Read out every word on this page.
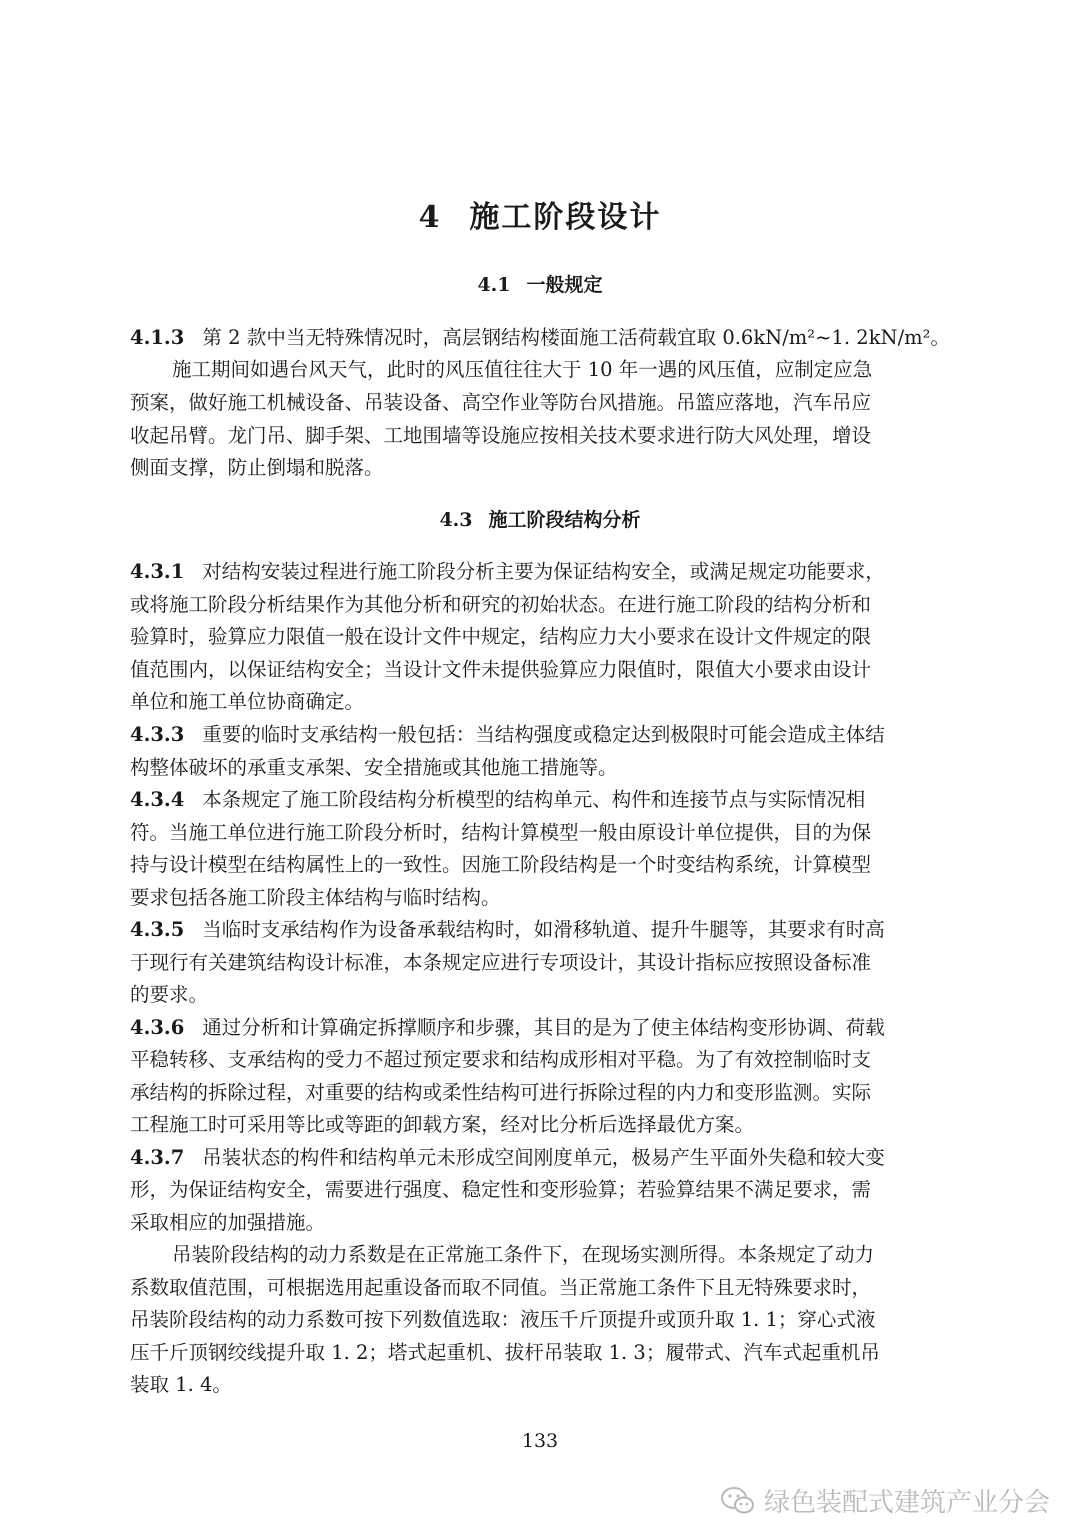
4 施工阶段设计
4.1 一般规定
4.1.3 第 2 款中当无特殊情况时，高层钢结构楼面施工活荷载宜取 0.6kN/m²~1. 2kN/m²。
施工期间如遇台风天气，此时的风压值往往大于 10 年一遇的风压值，应制定应急
预案，做好施工机械设备、吊装设备、高空作业等防台风措施。吊篮应落地，汽车吊应
收起吊臂。龙门吊、脚手架、工地围墙等设施应按相关技术要求进行防大风处理，增设
侧面支撑，防止倒塌和脱落。
4.3 施工阶段结构分析
4.3.1 对结构安装过程进行施工阶段分析主要为保证结构安全，或满足规定功能要求，
或将施工阶段分析结果作为其他分析和研究的初始状态。在进行施工阶段的结构分析和
验算时，验算应力限值一般在设计文件中规定，结构应力大小要求在设计文件规定的限
值范围内，以保证结构安全；当设计文件未提供验算应力限值时，限值大小要求由设计
单位和施工单位协商确定。
4.3.3 重要的临时支承结构一般包括：当结构强度或稳定达到极限时可能会造成主体结
构整体破坏的承重支承架、安全措施或其他施工措施等。
4.3.4 本条规定了施工阶段结构分析模型的结构单元、构件和连接节点与实际情况相
符。当施工单位进行施工阶段分析时，结构计算模型一般由原设计单位提供，目的为保
持与设计模型在结构属性上的一致性。因施工阶段结构是一个时变结构系统，计算模型
要求包括各施工阶段主体结构与临时结构。
4.3.5 当临时支承结构作为设备承载结构时，如滑移轨道、提升牛腿等，其要求有时高
于现行有关建筑结构设计标准，本条规定应进行专项设计，其设计指标应按照设备标准
的要求。
4.3.6 通过分析和计算确定拆撑顺序和步骤，其目的是为了使主体结构变形协调、荷载
平稳转移、支承结构的受力不超过预定要求和结构成形相对平稳。为了有效控制临时支
承结构的拆除过程，对重要的结构或柔性结构可进行拆除过程的内力和变形监测。实际
工程施工时可采用等比或等距的卸载方案，经对比分析后选择最优方案。
4.3.7 吊装状态的构件和结构单元未形成空间刚度单元，极易产生平面外失稳和较大变
形，为保证结构安全，需要进行强度、稳定性和变形验算；若验算结果不满足要求，需
采取相应的加强措施。
吊装阶段结构的动力系数是在正常施工条件下，在现场实测所得。本条规定了动力
系数取值范围，可根据选用起重设备而取不同值。当正常施工条件下且无特殊要求时，
吊装阶段结构的动力系数可按下列数值选取：液压千斤顶提升或顶升取 1. 1；穿心式液
压千斤顶钢绞线提升取 1. 2；塔式起重机、拔杆吊装取 1. 3；履带式、汽车式起重机吊
装取 1. 4。
133
绿色装配式建筑产业分会
